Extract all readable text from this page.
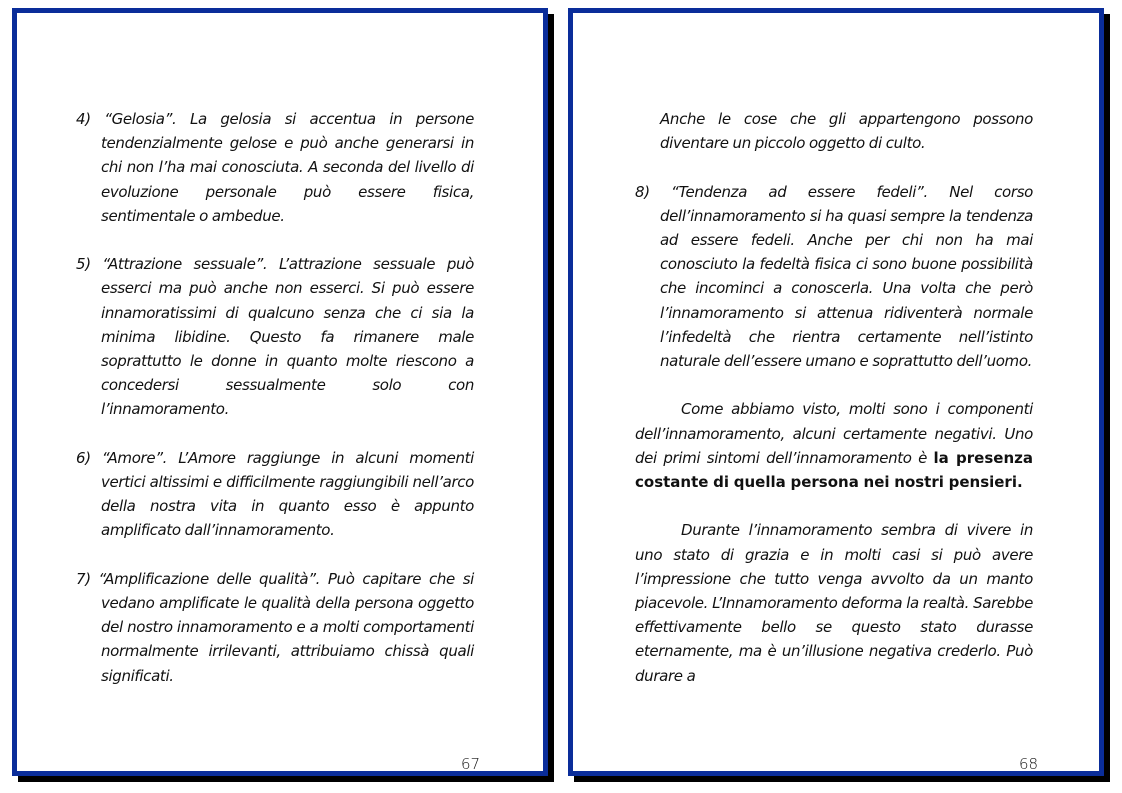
4) “Gelosia”. La gelosia si accentua in persone tendenzialmente gelose e può anche generarsi in chi non l’ha mai conosciuta. A seconda del livello di evoluzione personale può essere fisica, sentimentale o ambedue.

5) “Attrazione sessuale”. L’attrazione sessuale può esserci ma può anche non esserci. Si può essere innamoratissimi di qualcuno senza che ci sia la minima libidine. Questo fa rimanere male soprattutto le donne in quanto molte riescono a concedersi sessualmente solo con l’innamoramento.

6) “Amore”. L’Amore raggiunge in alcuni momenti vertici altissimi e difficilmente raggiungibili nell’arco della nostra vita in quanto esso è appunto amplificato dall’innamoramento.

7) “Amplificazione delle qualità”. Può capitare che si vedano amplificate le qualità della persona oggetto del nostro innamoramento e a molti comportamenti normalmente irrilevanti, attribuiamo chissà quali significati.

67

Anche le cose che gli appartengono possono diventare un piccolo oggetto di culto.

8) “Tendenza ad essere fedeli”. Nel corso dell’innamoramento si ha quasi sempre la tendenza ad essere fedeli. Anche per chi non ha mai conosciuto la fedeltà fisica ci sono buone possibilità che incominci a conoscerla. Una volta che però l’innamoramento si attenua ridiventerà normale l’infedeltà che rientra certamente nell’istinto naturale dell’essere umano e soprattutto dell’uomo.

Come abbiamo visto, molti sono i componenti dell’innamoramento, alcuni certamente negativi. Uno dei primi sintomi dell’innamoramento è la presenza costante di quella persona nei nostri pensieri.

Durante l’innamoramento sembra di vivere in uno stato di grazia e in molti casi si può avere l’impressione che tutto venga avvolto da un manto piacevole. L’Innamoramento deforma la realtà. Sarebbe effettivamente bello se questo stato durasse eternamente, ma è un’illusione negativa crederlo. Può durare a

68
